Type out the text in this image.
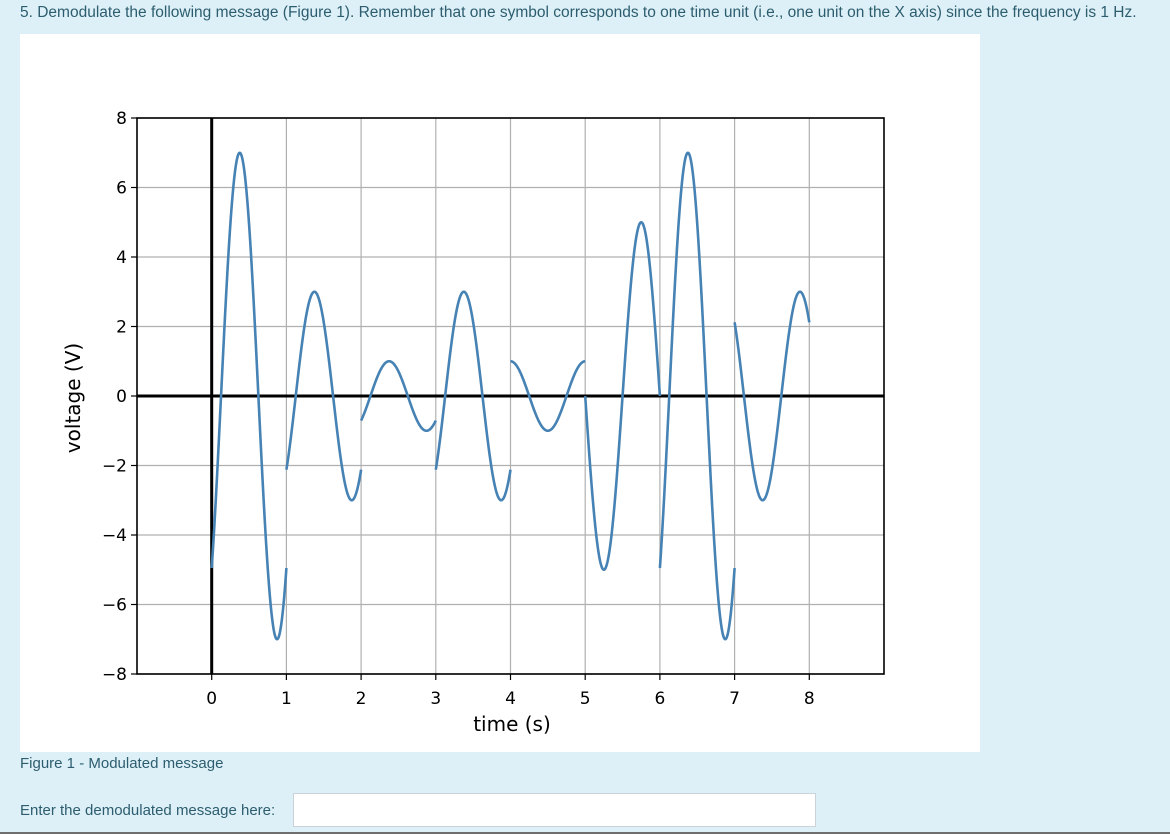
5. Demodulate the following message (Figure 1). Remember that one symbol corresponds to one time unit (i.e., one unit on the X axis) since the frequency is 1 Hz.
0	1	2	3	4	5	6	7	8
8
6
4
2
0
−2
−4
−6
−8
time (s)
voltage (V)
Figure 1 - Modulated message
Enter the demodulated message here:
